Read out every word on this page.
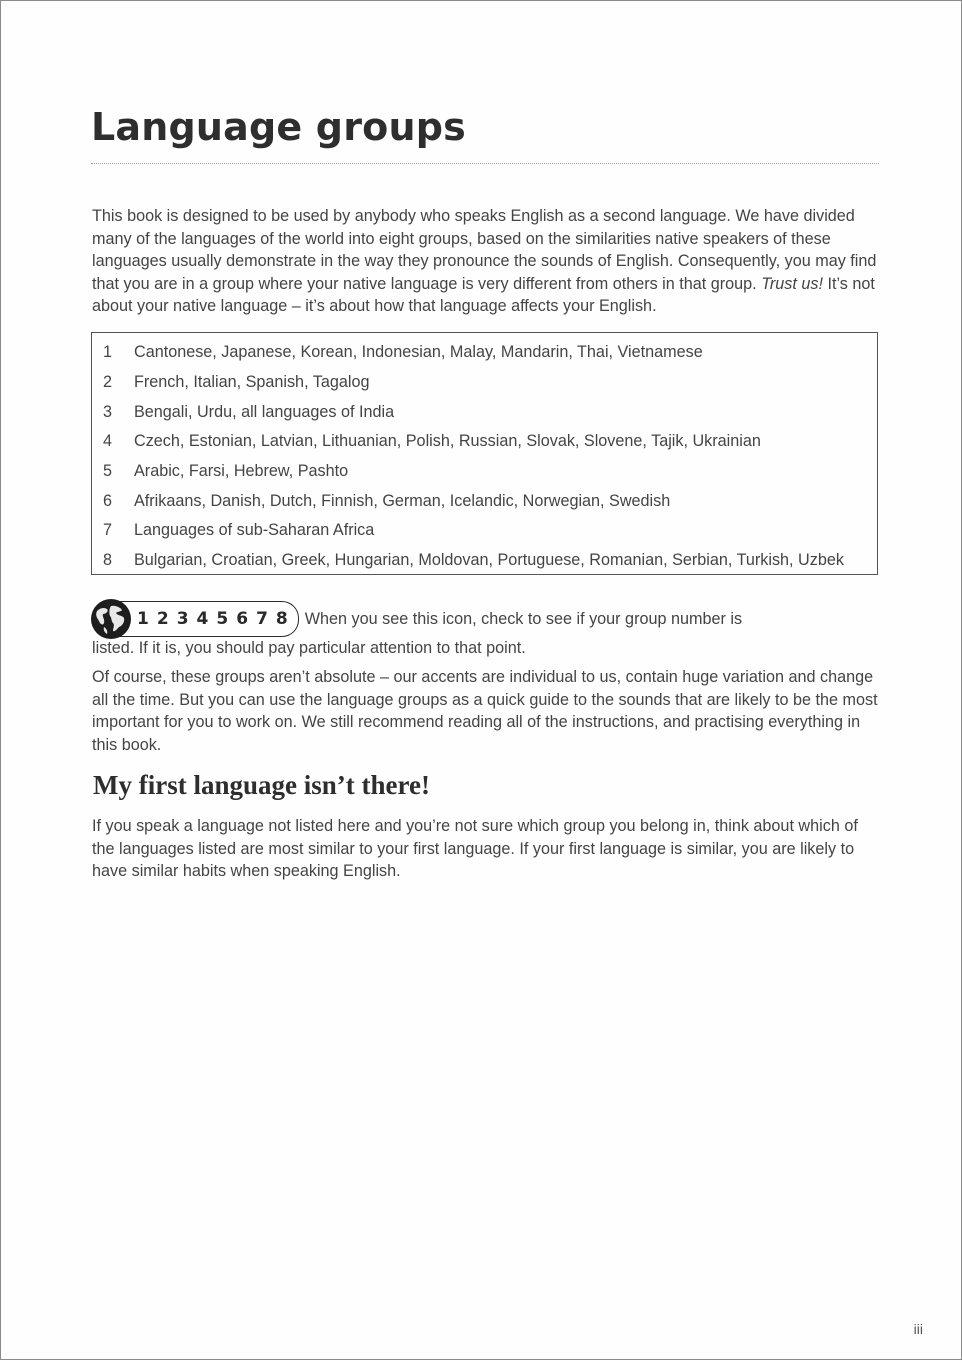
Language groups

This book is designed to be used by anybody who speaks English as a second language. We have divided many of the languages of the world into eight groups, based on the similarities native speakers of these languages usually demonstrate in the way they pronounce the sounds of English. Consequently, you may find that you are in a group where your native language is very different from others in that group. Trust us! It’s not about your native language – it’s about how that language affects your English.

1	Cantonese, Japanese, Korean, Indonesian, Malay, Mandarin, Thai, Vietnamese
2	French, Italian, Spanish, Tagalog
3	Bengali, Urdu, all languages of India
4	Czech, Estonian, Latvian, Lithuanian, Polish, Russian, Slovak, Slovene, Tajik, Ukrainian
5	Arabic, Farsi, Hebrew, Pashto
6	Afrikaans, Danish, Dutch, Finnish, German, Icelandic, Norwegian, Swedish
7	Languages of sub-Saharan Africa
8	Bulgarian, Croatian, Greek, Hungarian, Moldovan, Portuguese, Romanian, Serbian, Turkish, Uzbek
1 2 3 4 5 6 7 8 When you see this icon, check to see if your group number is

listed. If it is, you should pay particular attention to that point.

Of course, these groups aren’t absolute – our accents are individual to us, contain huge variation and change all the time. But you can use the language groups as a quick guide to the sounds that are likely to be the most important for you to work on. We still recommend reading all of the instructions, and practising everything in this book.

My first language isn’t there!

If you speak a language not listed here and you’re not sure which group you belong in, think about which of the languages listed are most similar to your first language. If your first language is similar, you are likely to have similar habits when speaking English.

iii
